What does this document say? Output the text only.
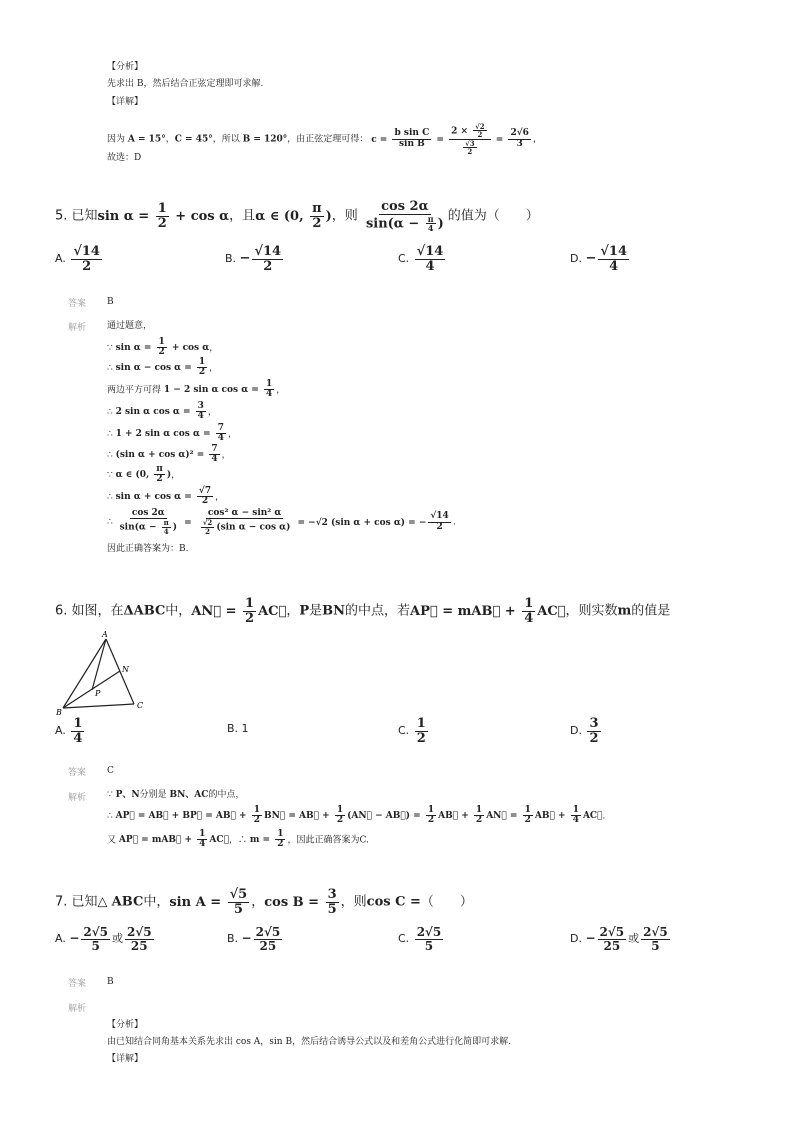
【分析】
先求出 B，然后结合正弦定理即可求解.
【详解】
因为 A = 15°，C = 45°，所以 B = 120°，由正弦定理可得： $c = \frac{\text{b sin C}}{\text{sin B}} = \frac{2 \times \frac{√2}{2}}{\frac{√3}{2}} = \frac{2√6}{3}$ ，
故选：D
5. 已知$\sin \alpha = \frac{1}{2} + \cos \alpha$，且α ∈ (0, $\frac{\pi}{2}$ )，则 $\frac{\cos 2\alpha}{\sin(\alpha - \frac{\pi}{4} )}$ 的值为（　　）
A. $\frac{√14}{2}$	B. − $\frac{√14}{2}$	C. $\frac{√14}{4}$	D. − $\frac{√14}{4}$
答案 B
解析 通过题意，
∵ $\sin \alpha = \frac{1}{2} + \cos \alpha$，
∴ $\sin \alpha - \cos \alpha = \frac{1}{2}$ ，
两边平方可得 1 − 2 sin α $\cos \alpha = \frac{1}{4}$ ，
∴ 2 sin α $\cos \alpha = \frac{3}{4}$ ，
∴ 1 + 2 sin α $\cos \alpha = \frac{7}{4}$ ，
∴ (sin $\alpha + \cos \alpha)^2 = \frac{7}{4}$ ，
∵ α ∈ (0, $\frac{\pi}{2}$ )，
∴ $\sin \alpha + \cos \alpha = \frac{√7}{2}$ ，
∴ $\frac{\cos 2\alpha}{\sin(\alpha - \frac{\pi}{4} )} = \frac{\text{cos² α − sin² α}}{\frac{√2}{2} (\sin \alpha - \cos \alpha)} = -√2$ (sin α + cos α) = − $\frac{√14}{2}$ .
因此正确答案为：B.
6. 如图，在ΔABC中，AN⃗ = $\frac{1}{2}$ AC⃗，P是BN的中点，若AP⃗ = mAB⃗ + $\frac{1}{4}$ AC⃗，则实数m的值是
A
B
C
N
P
A. $\frac{1}{4}$	B. 1	C. $\frac{1}{2}$	D. $\frac{3}{2}$
答案 C
解析 ∵ P、N分别是 BN、AC的中点，
∴ AP⃗ = AB⃗ + BP⃗ = AB⃗ + $\frac{1}{2}$ BN⃗ = AB⃗ + $\frac{1}{2}$ (AN⃗ − AB⃗) = $\frac{1}{2}$ AB⃗ + $\frac{1}{2}$ AN⃗ = $\frac{1}{2}$ AB⃗ + $\frac{1}{4}$ AC⃗.
又 AP⃗ = mAB⃗ + $\frac{1}{4}$ AC⃗，∴ $m = \frac{1}{2}$ ，因此正确答案为C.
7. 已知△ ABC中，$\sin A = \frac{√5}{5}$ ，$\cos B = \frac{3}{5}$ ，则cos C =（　　）
A. − $\frac{2√5}{5}$ 或 $\frac{2√5}{25}$	B. − $\frac{2√5}{25}$	C. $\frac{2√5}{5}$	D. − $\frac{2√5}{25}$ 或 $\frac{2√5}{5}$
答案 B
解析
【分析】
由已知结合同角基本关系先求出 cos A，sin B，然后结合诱导公式以及和差角公式进行化简即可求解.
【详解】
